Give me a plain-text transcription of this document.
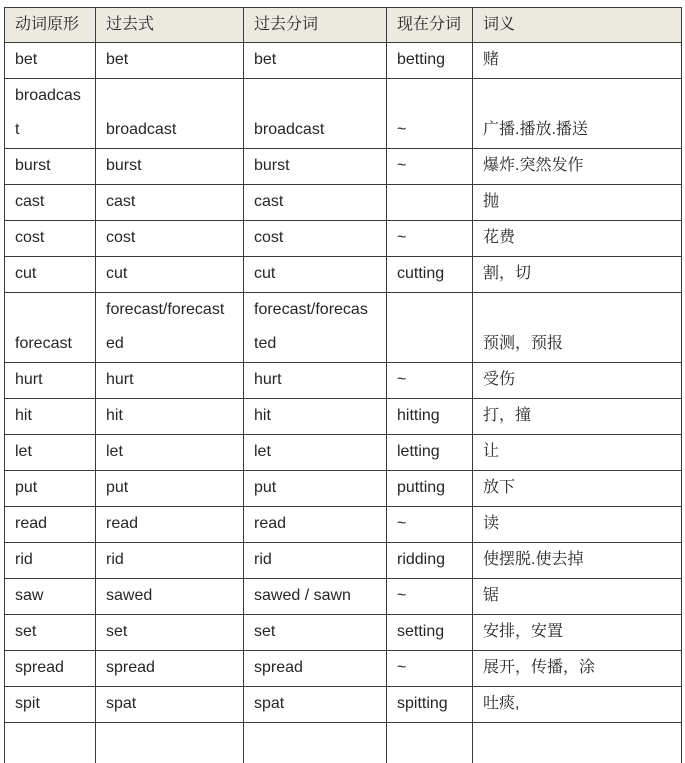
动词原形	过去式	过去分词	现在分词	词义
bet	bet	bet	betting	赌
broadcast	broadcast	broadcast	~	广播.播放.播送
burst	burst	burst	~	爆炸.突然发作
cast	cast	cast		抛
cost	cost	cost	~	花费
cut	cut	cut	cutting	割，切
forecast	forecast/forecasted	forecast/forecasted		预测，预报
hurt	hurt	hurt	~	受伤
hit	hit	hit	hitting	打，撞
let	let	let	letting	让
put	put	put	putting	放下
read	read	read	~	读
rid	rid	rid	ridding	使摆脱.使去掉
saw	sawed	sawed / sawn	~	锯
set	set	set	setting	安排，安置
spread	spread	spread	~	展开，传播，涂
spit	spat	spat	spitting	吐痰,
